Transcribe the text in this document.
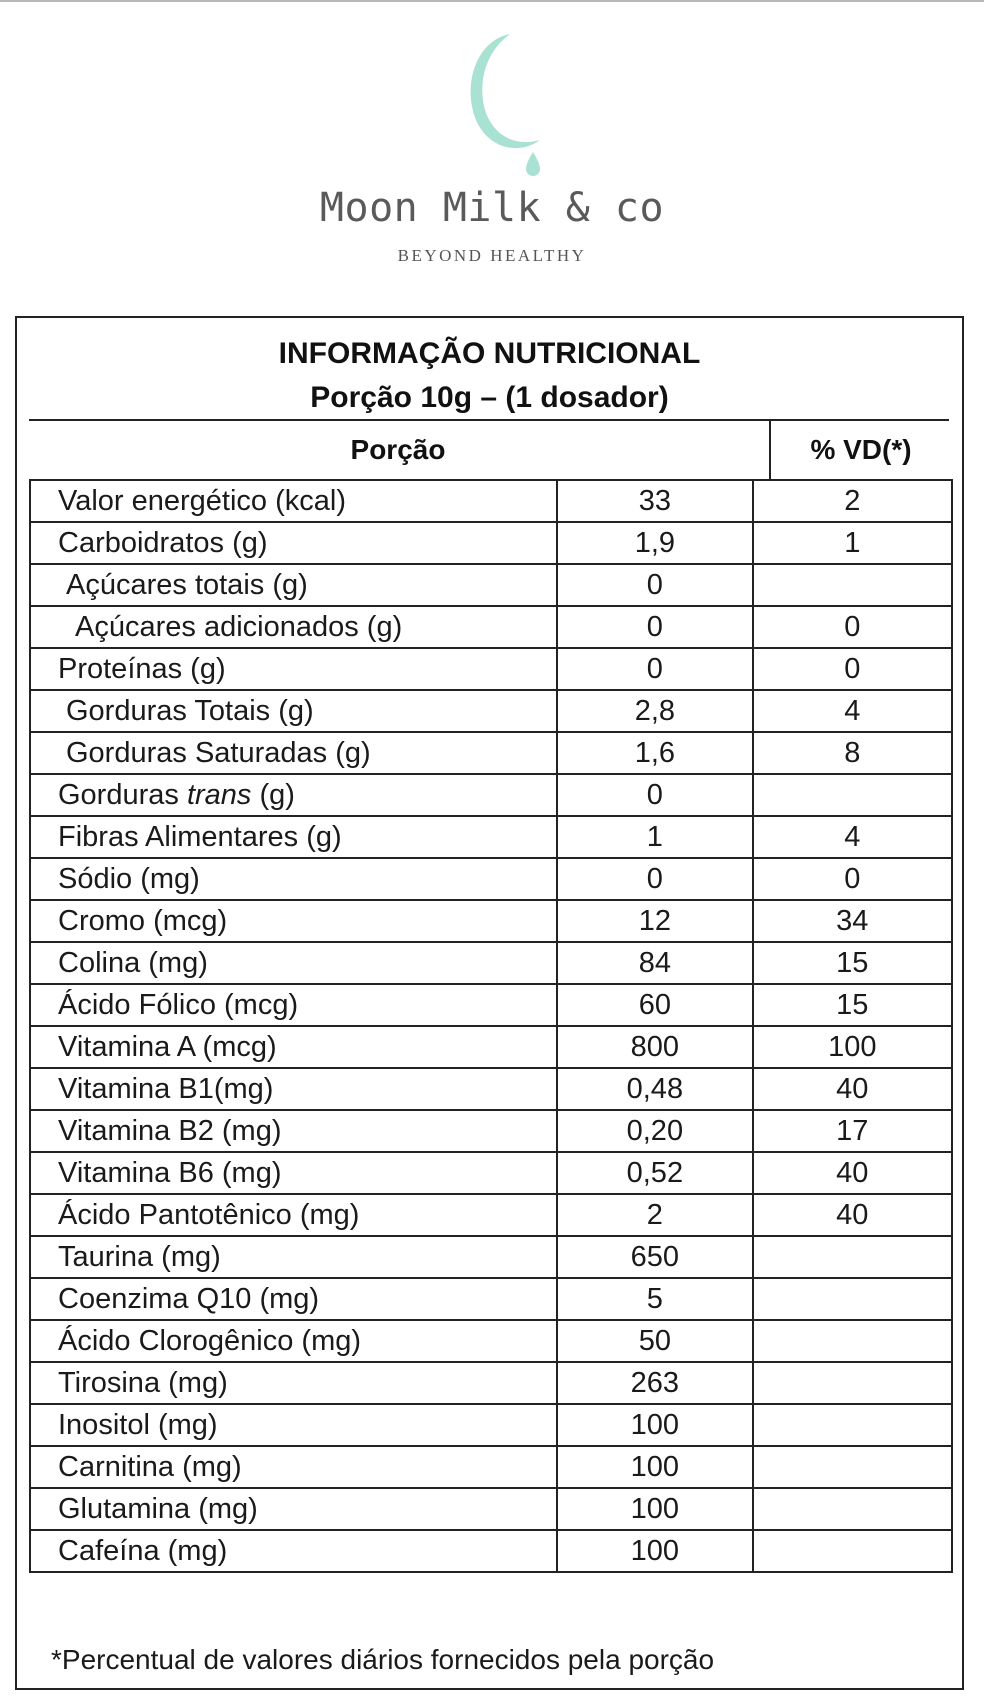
Moon Milk & co
BEYOND HEALTHY
INFORMAÇÃO NUTRICIONAL
Porção 10g – (1 dosador)
Porção	% VD(*)
Valor energético (kcal)	33	2
Carboidratos (g)	1,9	1
Açúcares totais (g)	0	
Açúcares adicionados (g)	0	0
Proteínas (g)	0	0
Gorduras Totais (g)	2,8	4
Gorduras Saturadas (g)	1,6	8
Gorduras trans (g)	0	
Fibras Alimentares (g)	1	4
Sódio (mg)	0	0
Cromo (mcg)	12	34
Colina (mg)	84	15
Ácido Fólico (mcg)	60	15
Vitamina A (mcg)	800	100
Vitamina B1(mg)	0,48	40
Vitamina B2 (mg)	0,20	17
Vitamina B6 (mg)	0,52	40
Ácido Pantotênico (mg)	2	40
Taurina (mg)	650	
Coenzima Q10 (mg)	5	
Ácido Clorogênico (mg)	50	
Tirosina (mg)	263	
Inositol (mg)	100	
Carnitina (mg)	100	
Glutamina (mg)	100	
Cafeína (mg)	100	
*Percentual de valores diários fornecidos pela porção
